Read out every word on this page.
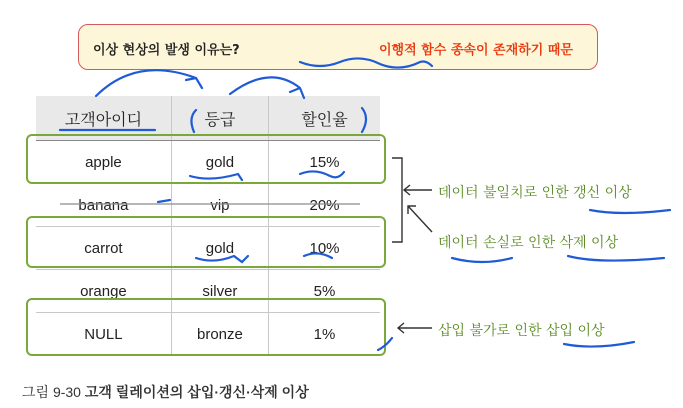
이상 현상의 발생 이유는?	이행적 함수 종속이 존재하기 때문
고객아이디	등급	할인율
apple	gold	15%
banana	vip	20%
carrot	gold	10%
orange	silver	5%
NULL	bronze	1%
데이터 불일치로 인한 갱신 이상
데이터 손실로 인한 삭제 이상
삽입 불가로 인한 삽입 이상
그림 9-30 고객 릴레이션의 삽입·갱신·삭제 이상
